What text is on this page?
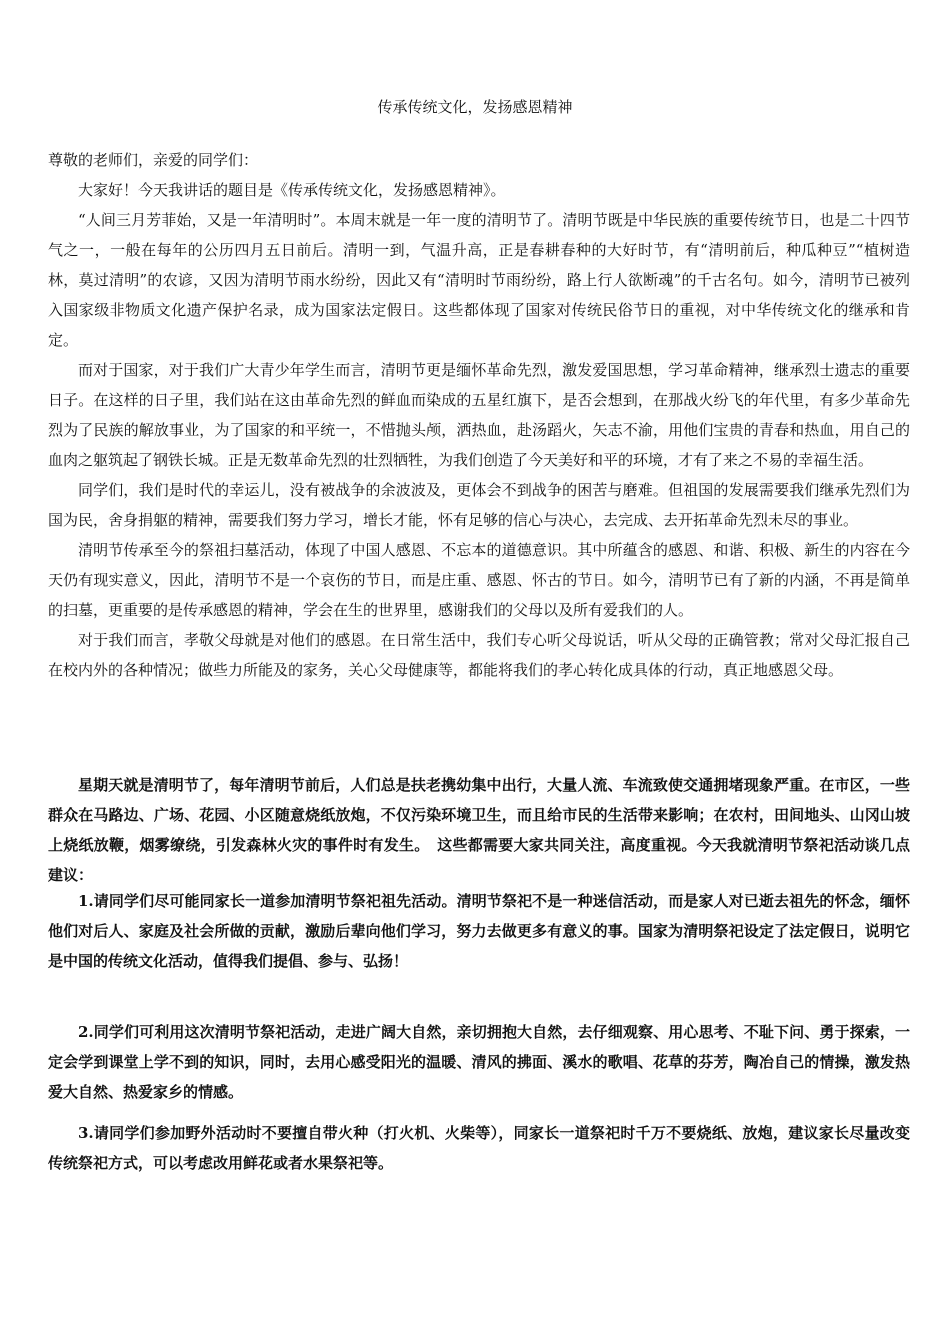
传承传统文化，发扬感恩精神

尊敬的老师们，亲爱的同学们：

大家好！今天我讲话的题目是《传承传统文化，发扬感恩精神》。

“人间三月芳菲始，又是一年清明时”。本周末就是一年一度的清明节了。清明节既是中华民族的重要传统节日，也是二十四节气之一，一般在每年的公历四月五日前后。清明一到，气温升高，正是春耕春种的大好时节，有“清明前后，种瓜种豆”“植树造林，莫过清明”的农谚，又因为清明节雨水纷纷，因此又有“清明时节雨纷纷，路上行人欲断魂”的千古名句。如今，清明节已被列入国家级非物质文化遗产保护名录，成为国家法定假日。这些都体现了国家对传统民俗节日的重视，对中华传统文化的继承和肯定。

而对于国家，对于我们广大青少年学生而言，清明节更是缅怀革命先烈，激发爱国思想，学习革命精神，继承烈士遗志的重要日子。在这样的日子里，我们站在这由革命先烈的鲜血而染成的五星红旗下，是否会想到，在那战火纷飞的年代里，有多少革命先烈为了民族的解放事业，为了国家的和平统一，不惜抛头颅，洒热血，赴汤蹈火，矢志不渝，用他们宝贵的青春和热血，用自己的血肉之躯筑起了钢铁长城。正是无数革命先烈的壮烈牺牲，为我们创造了今天美好和平的环境，才有了来之不易的幸福生活。

同学们，我们是时代的幸运儿，没有被战争的余波波及，更体会不到战争的困苦与磨难。但祖国的发展需要我们继承先烈们为国为民，舍身捐躯的精神，需要我们努力学习，增长才能，怀有足够的信心与决心，去完成、去开拓革命先烈未尽的事业。

清明节传承至今的祭祖扫墓活动，体现了中国人感恩、不忘本的道德意识。其中所蕴含的感恩、和谐、积极、新生的内容在今天仍有现实意义，因此，清明节不是一个哀伤的节日，而是庄重、感恩、怀古的节日。如今，清明节已有了新的内涵，不再是简单的扫墓，更重要的是传承感恩的精神，学会在生的世界里，感谢我们的父母以及所有爱我们的人。

对于我们而言，孝敬父母就是对他们的感恩。在日常生活中，我们专心听父母说话，听从父母的正确管教；常对父母汇报自己在校内外的各种情况；做些力所能及的家务，关心父母健康等，都能将我们的孝心转化成具体的行动，真正地感恩父母。

星期天就是清明节了，每年清明节前后，人们总是扶老携幼集中出行，大量人流、车流致使交通拥堵现象严重。在市区，一些群众在马路边、广场、花园、小区随意烧纸放炮，不仅污染环境卫生，而且给市民的生活带来影响；在农村，田间地头、山冈山坡上烧纸放鞭，烟雾缭绕，引发森林火灾的事件时有发生。　这些都需要大家共同关注，高度重视。今天我就清明节祭祀活动谈几点建议：

1.请同学们尽可能同家长一道参加清明节祭祀祖先活动。清明节祭祀不是一种迷信活动，而是家人对已逝去祖先的怀念，缅怀他们对后人、家庭及社会所做的贡献，激励后辈向他们学习，努力去做更多有意义的事。国家为清明祭祀设定了法定假日，说明它是中国的传统文化活动，值得我们提倡、参与、弘扬！

2.同学们可利用这次清明节祭祀活动，走进广阔大自然，亲切拥抱大自然，去仔细观察、用心思考、不耻下问、勇于探索，一定会学到课堂上学不到的知识，同时，去用心感受阳光的温暖、清风的拂面、溪水的歌唱、花草的芬芳，陶冶自己的情操，激发热爱大自然、热爱家乡的情感。

3.请同学们参加野外活动时不要擅自带火种（打火机、火柴等），同家长一道祭祀时千万不要烧纸、放炮，建议家长尽量改变传统祭祀方式，可以考虑改用鲜花或者水果祭祀等。
